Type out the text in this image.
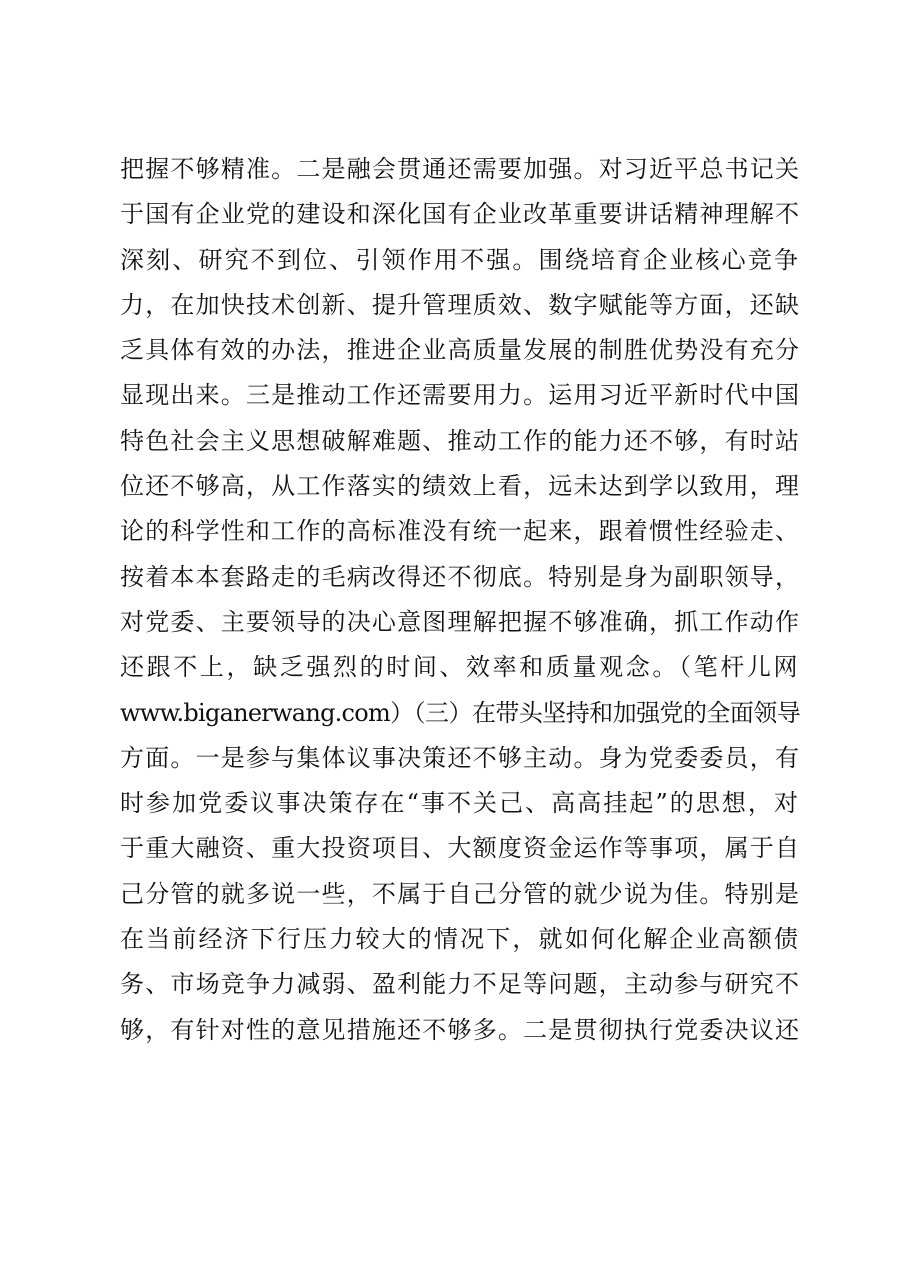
把握不够精准。二是融会贯通还需要加强。对习近平总书记关
于国有企业党的建设和深化国有企业改革重要讲话精神理解不
深刻、研究不到位、引领作用不强。围绕培育企业核心竞争
力，在加快技术创新、提升管理质效、数字赋能等方面，还缺
乏具体有效的办法，推进企业高质量发展的制胜优势没有充分
显现出来。三是推动工作还需要用力。运用习近平新时代中国
特色社会主义思想破解难题、推动工作的能力还不够，有时站
位还不够高，从工作落实的绩效上看，远未达到学以致用，理
论的科学性和工作的高标准没有统一起来，跟着惯性经验走、
按着本本套路走的毛病改得还不彻底。特别是身为副职领导，
对党委、主要领导的决心意图理解把握不够准确，抓工作动作
还跟不上，缺乏强烈的时间、效率和质量观念。（笔杆儿网
www.biganerwang.com）（三）在带头坚持和加强党的全面领导
方面。一是参与集体议事决策还不够主动。身为党委委员，有
时参加党委议事决策存在“事不关己、高高挂起”的思想，对
于重大融资、重大投资项目、大额度资金运作等事项，属于自
己分管的就多说一些，不属于自己分管的就少说为佳。特别是
在当前经济下行压力较大的情况下，就如何化解企业高额债
务、市场竞争力减弱、盈利能力不足等问题，主动参与研究不
够，有针对性的意见措施还不够多。二是贯彻执行党委决议还
